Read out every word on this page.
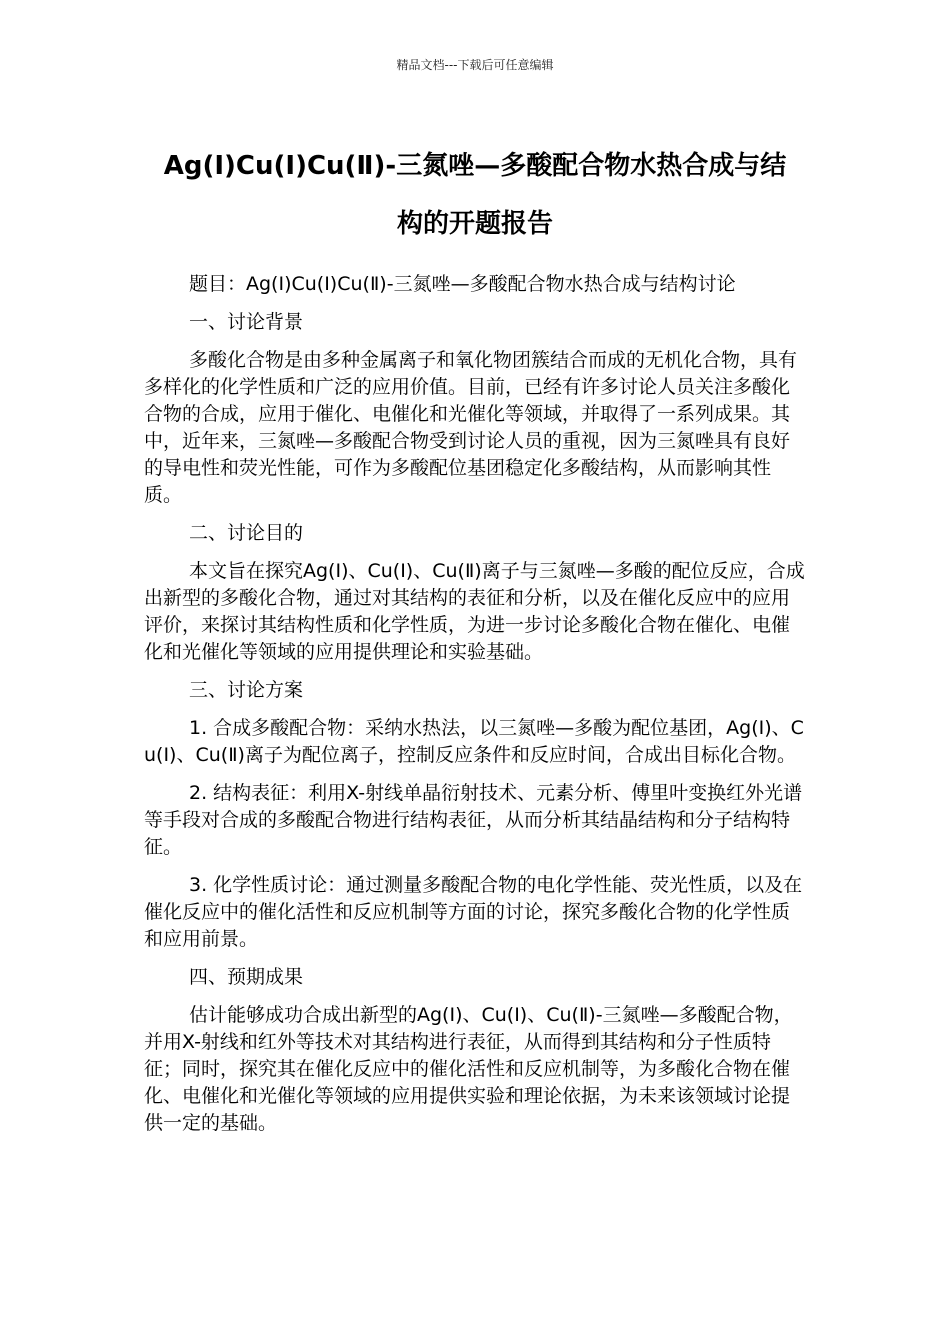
精品文档---下载后可任意编辑
Ag(Ⅰ)Cu(Ⅰ)Cu(Ⅱ)-三氮唑—多酸配合物水热合成与结
构的开题报告

题目：Ag(I)Cu(I)Cu(Ⅱ)-三氮唑—多酸配合物水热合成与结构讨论

一、讨论背景

多酸化合物是由多种金属离子和氧化物团簇结合而成的无机化合物，具有多样化的化学性质和广泛的应用价值。目前，已经有许多讨论人员关注多酸化合物的合成，应用于催化、电催化和光催化等领域，并取得了一系列成果。其中，近年来，三氮唑—多酸配合物受到讨论人员的重视，因为三氮唑具有良好的导电性和荧光性能，可作为多酸配位基团稳定化多酸结构，从而影响其性质。

二、讨论目的

本文旨在探究Ag(I)、Cu(I)、Cu(Ⅱ)离子与三氮唑—多酸的配位反应，合成出新型的多酸化合物，通过对其结构的表征和分析，以及在催化反应中的应用评价，来探讨其结构性质和化学性质，为进一步讨论多酸化合物在催化、电催化和光催化等领域的应用提供理论和实验基础。

三、讨论方案

1. 合成多酸配合物：采纳水热法，以三氮唑—多酸为配位基团，Ag(I)、Cu(I)、Cu(Ⅱ)离子为配位离子，控制反应条件和反应时间，合成出目标化合物。

2. 结构表征：利用X-射线单晶衍射技术、元素分析、傅里叶变换红外光谱等手段对合成的多酸配合物进行结构表征，从而分析其结晶结构和分子结构特征。

3. 化学性质讨论：通过测量多酸配合物的电化学性能、荧光性质，以及在催化反应中的催化活性和反应机制等方面的讨论，探究多酸化合物的化学性质和应用前景。

四、预期成果

估计能够成功合成出新型的Ag(I)、Cu(I)、Cu(Ⅱ)-三氮唑—多酸配合物，并用X-射线和红外等技术对其结构进行表征，从而得到其结构和分子性质特征；同时，探究其在催化反应中的催化活性和反应机制等，为多酸化合物在催化、电催化和光催化等领域的应用提供实验和理论依据，为未来该领域讨论提供一定的基础。
